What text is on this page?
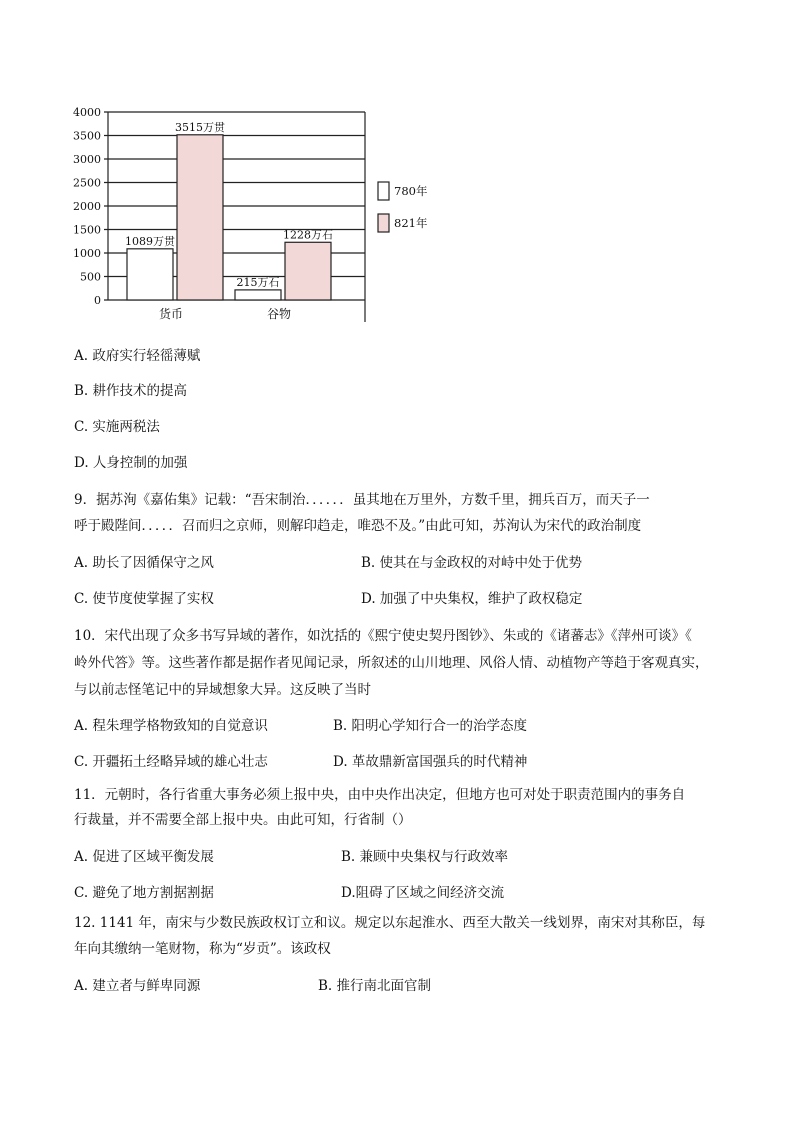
0
500
1000
1500
2000
2500
3000
3500
4000
1089万贯
3515万贯
货币
215万石
1228万石
谷物
780年
821年
A. 政府实行轻徭薄赋
B. 耕作技术的提高
C. 实施两税法
D. 人身控制的加强
9．据苏洵《嘉佑集》记载：“吾宋制治．．．．．．虽其地在万里外，方数千里，拥兵百万，而天子一
呼于殿陛间．．．．．召而归之京师，则解印趋走，唯恐不及。”由此可知，苏洵认为宋代的政治制度
A. 助长了因循保守之风	B. 使其在与金政权的对峙中处于优势
C. 使节度使掌握了实权	D. 加强了中央集权，维护了政权稳定
10．宋代出现了众多书写异域的著作，如沈括的《熙宁使史契丹图钞》、朱或的《诸蕃志》《萍州可谈》《
岭外代答》等。这些著作都是据作者见闻记录，所叙述的山川地理、风俗人情、动植物产等趋于客观真实，
与以前志怪笔记中的异域想象大异。这反映了当时
A. 程朱理学格物致知的自觉意识	B. 阳明心学知行合一的治学态度
C. 开疆拓土经略异域的雄心壮志	D. 革故鼎新富国强兵的时代精神
11．元朝时，各行省重大事务必须上报中央，由中央作出决定，但地方也可对处于职责范围内的事务自
行裁量，并不需要全部上报中央。由此可知，行省制（）
A. 促进了区域平衡发展	B. 兼顾中央集权与行政效率
C. 避免了地方割据割据	D.阻碍了区域之间经济交流
12. 1141 年，南宋与少数民族政权订立和议。规定以东起淮水、西至大散关一线划界，南宋对其称臣，每
年向其缴纳一笔财物，称为“岁贡”。该政权
A. 建立者与鲜卑同源	B. 推行南北面官制
